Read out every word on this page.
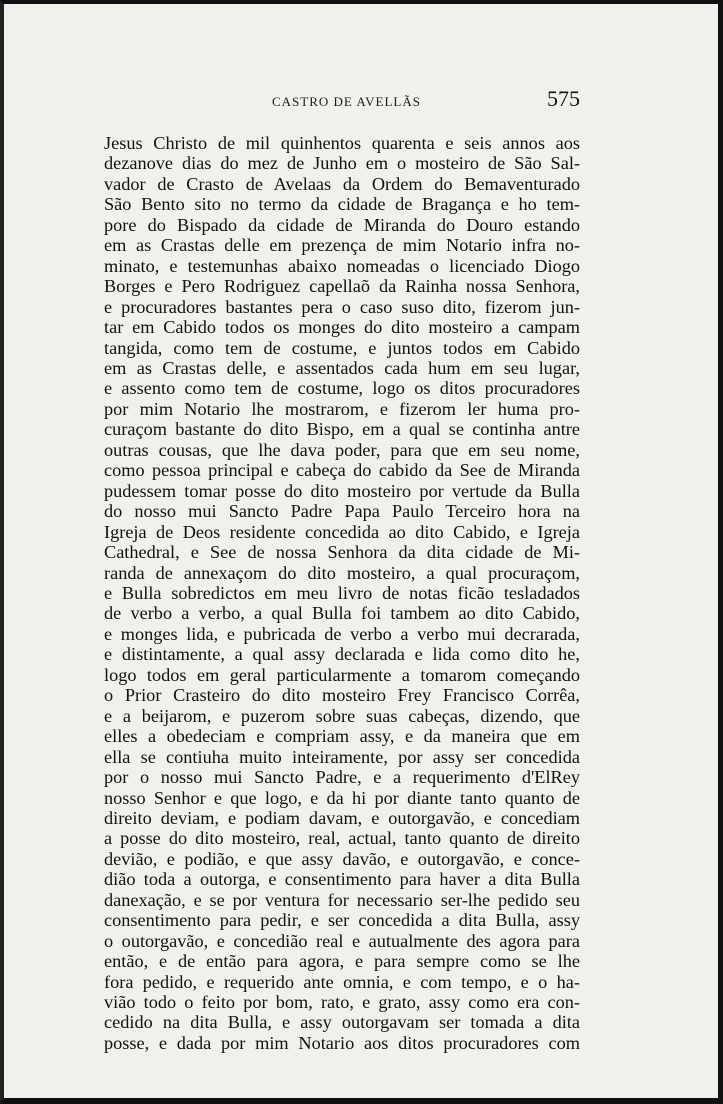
CASTRO DE AVELLÃS	575
Jesus Christo de mil quinhentos quarenta e seis annos aos
dezanove dias do mez de Junho em o mosteiro de São Sal-
vador de Crasto de Avelaas da Ordem do Bemaventurado
São Bento sito no termo da cidade de Bragança e ho tem-
pore do Bispado da cidade de Miranda do Douro estando
em as Crastas delle em prezença de mim Notario infra no-
minato, e testemunhas abaixo nomeadas o licenciado Diogo
Borges e Pero Rodriguez capellaõ da Rainha nossa Senhora,
e procuradores bastantes pera o caso suso dito, fizerom jun-
tar em Cabido todos os monges do dito mosteiro a campam
tangida, como tem de costume, e juntos todos em Cabido
em as Crastas delle, e assentados cada hum em seu lugar,
e assento como tem de costume, logo os ditos procuradores
por mim Notario lhe mostrarom, e fizerom ler huma pro-
curaçom bastante do dito Bispo, em a qual se continha antre
outras cousas, que lhe dava poder, para que em seu nome,
como pessoa principal e cabeça do cabido da See de Miranda
pudessem tomar posse do dito mosteiro por vertude da Bulla
do nosso mui Sancto Padre Papa Paulo Terceiro hora na
Igreja de Deos residente concedida ao dito Cabido, e Igreja
Cathedral, e See de nossa Senhora da dita cidade de Mi-
randa de annexaçom do dito mosteiro, a qual procuraçom,
e Bulla sobredictos em meu livro de notas ficão tesladados
de verbo a verbo, a qual Bulla foi tambem ao dito Cabido,
e monges lida, e pubricada de verbo a verbo mui decrarada,
e distintamente, a qual assy declarada e lida como dito he,
logo todos em geral particularmente a tomarom começando
o Prior Crasteiro do dito mosteiro Frey Francisco Corrêa,
e a beijarom, e puzerom sobre suas cabeças, dizendo, que
elles a obedeciam e compriam assy, e da maneira que em
ella se contiuha muito inteiramente, por assy ser concedida
por o nosso mui Sancto Padre, e a requerimento d'ElRey
nosso Senhor e que logo, e da hi por diante tanto quanto de
direito deviam, e podiam davam, e outorgavão, e concediam
a posse do dito mosteiro, real, actual, tanto quanto de direito
devião, e podião, e que assy davão, e outorgavão, e conce-
dião toda a outorga, e consentimento para haver a dita Bulla
danexação, e se por ventura for necessario ser-lhe pedido seu
consentimento para pedir, e ser concedida a dita Bulla, assy
o outorgavão, e concedião real e autualmente des agora para
então, e de então para agora, e para sempre como se lhe
fora pedido, e requerido ante omnia, e com tempo, e o ha-
vião todo o feito por bom, rato, e grato, assy como era con-
cedido na dita Bulla, e assy outorgavam ser tomada a dita
posse, e dada por mim Notario aos ditos procuradores com
